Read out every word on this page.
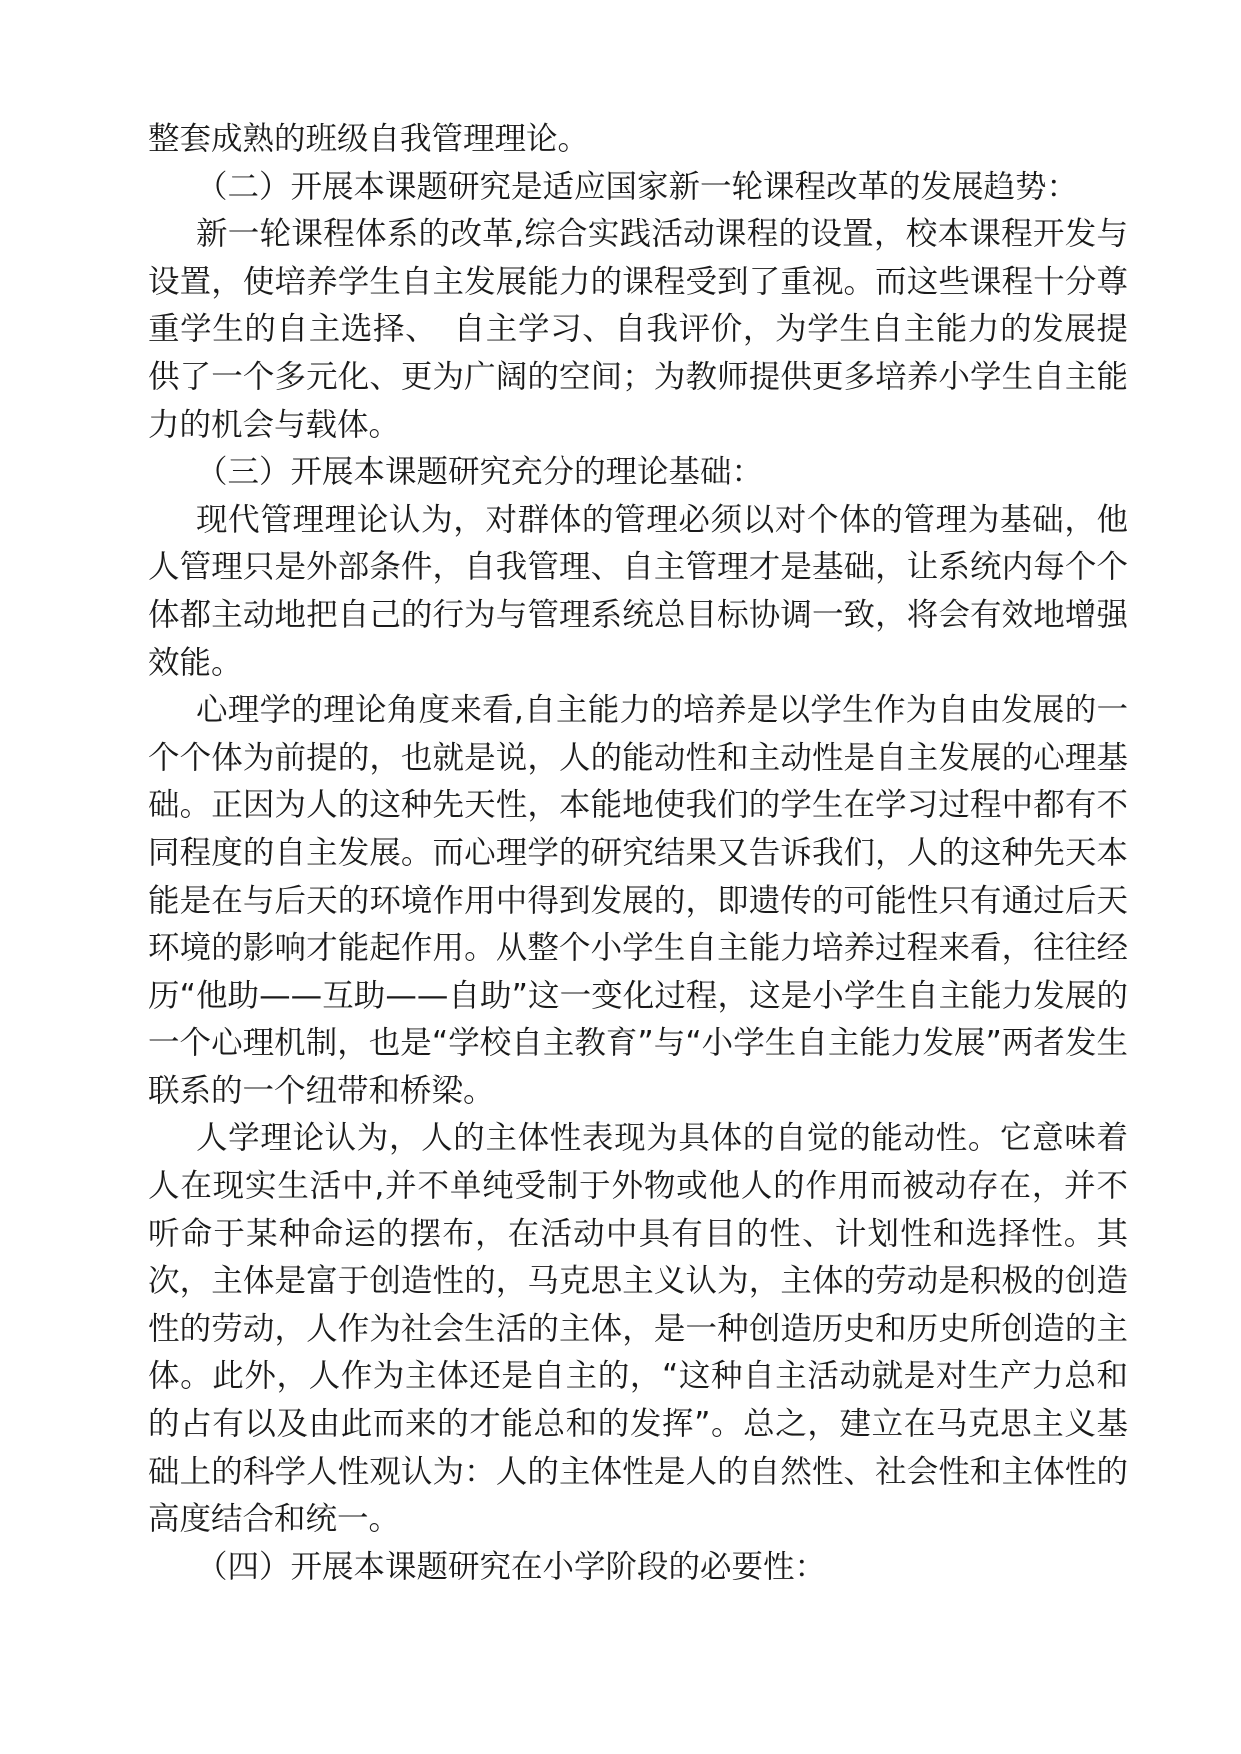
整套成熟的班级自我管理理论。

（二）开展本课题研究是适应国家新一轮课程改革的发展趋势：

新一轮课程体系的改革,综合实践活动课程的设置，校本课程开发与设置，使培养学生自主发展能力的课程受到了重视。而这些课程十分尊重学生的自主选择、　自主学习、自我评价，为学生自主能力的发展提供了一个多元化、更为广阔的空间；为教师提供更多培养小学生自主能力的机会与载体。

（三）开展本课题研究充分的理论基础：

现代管理理论认为，对群体的管理必须以对个体的管理为基础，他人管理只是外部条件，自我管理、自主管理才是基础，让系统内每个个体都主动地把自己的行为与管理系统总目标协调一致，将会有效地增强效能。

心理学的理论角度来看,自主能力的培养是以学生作为自由发展的一个个体为前提的，也就是说，人的能动性和主动性是自主发展的心理基础。正因为人的这种先天性，本能地使我们的学生在学习过程中都有不同程度的自主发展。而心理学的研究结果又告诉我们，人的这种先天本能是在与后天的环境作用中得到发展的，即遗传的可能性只有通过后天环境的影响才能起作用。从整个小学生自主能力培养过程来看，往往经历“他助——互助——自助”这一变化过程，这是小学生自主能力发展的一个心理机制，也是“学校自主教育”与“小学生自主能力发展”两者发生联系的一个纽带和桥梁。

人学理论认为，人的主体性表现为具体的自觉的能动性。它意味着人在现实生活中,并不单纯受制于外物或他人的作用而被动存在，并不听命于某种命运的摆布，在活动中具有目的性、计划性和选择性。其次，主体是富于创造性的，马克思主义认为，主体的劳动是积极的创造性的劳动，人作为社会生活的主体，是一种创造历史和历史所创造的主体。此外，人作为主体还是自主的，“这种自主活动就是对生产力总和的占有以及由此而来的才能总和的发挥”。总之，建立在马克思主义基础上的科学人性观认为：人的主体性是人的自然性、社会性和主体性的高度结合和统一。

（四）开展本课题研究在小学阶段的必要性：
